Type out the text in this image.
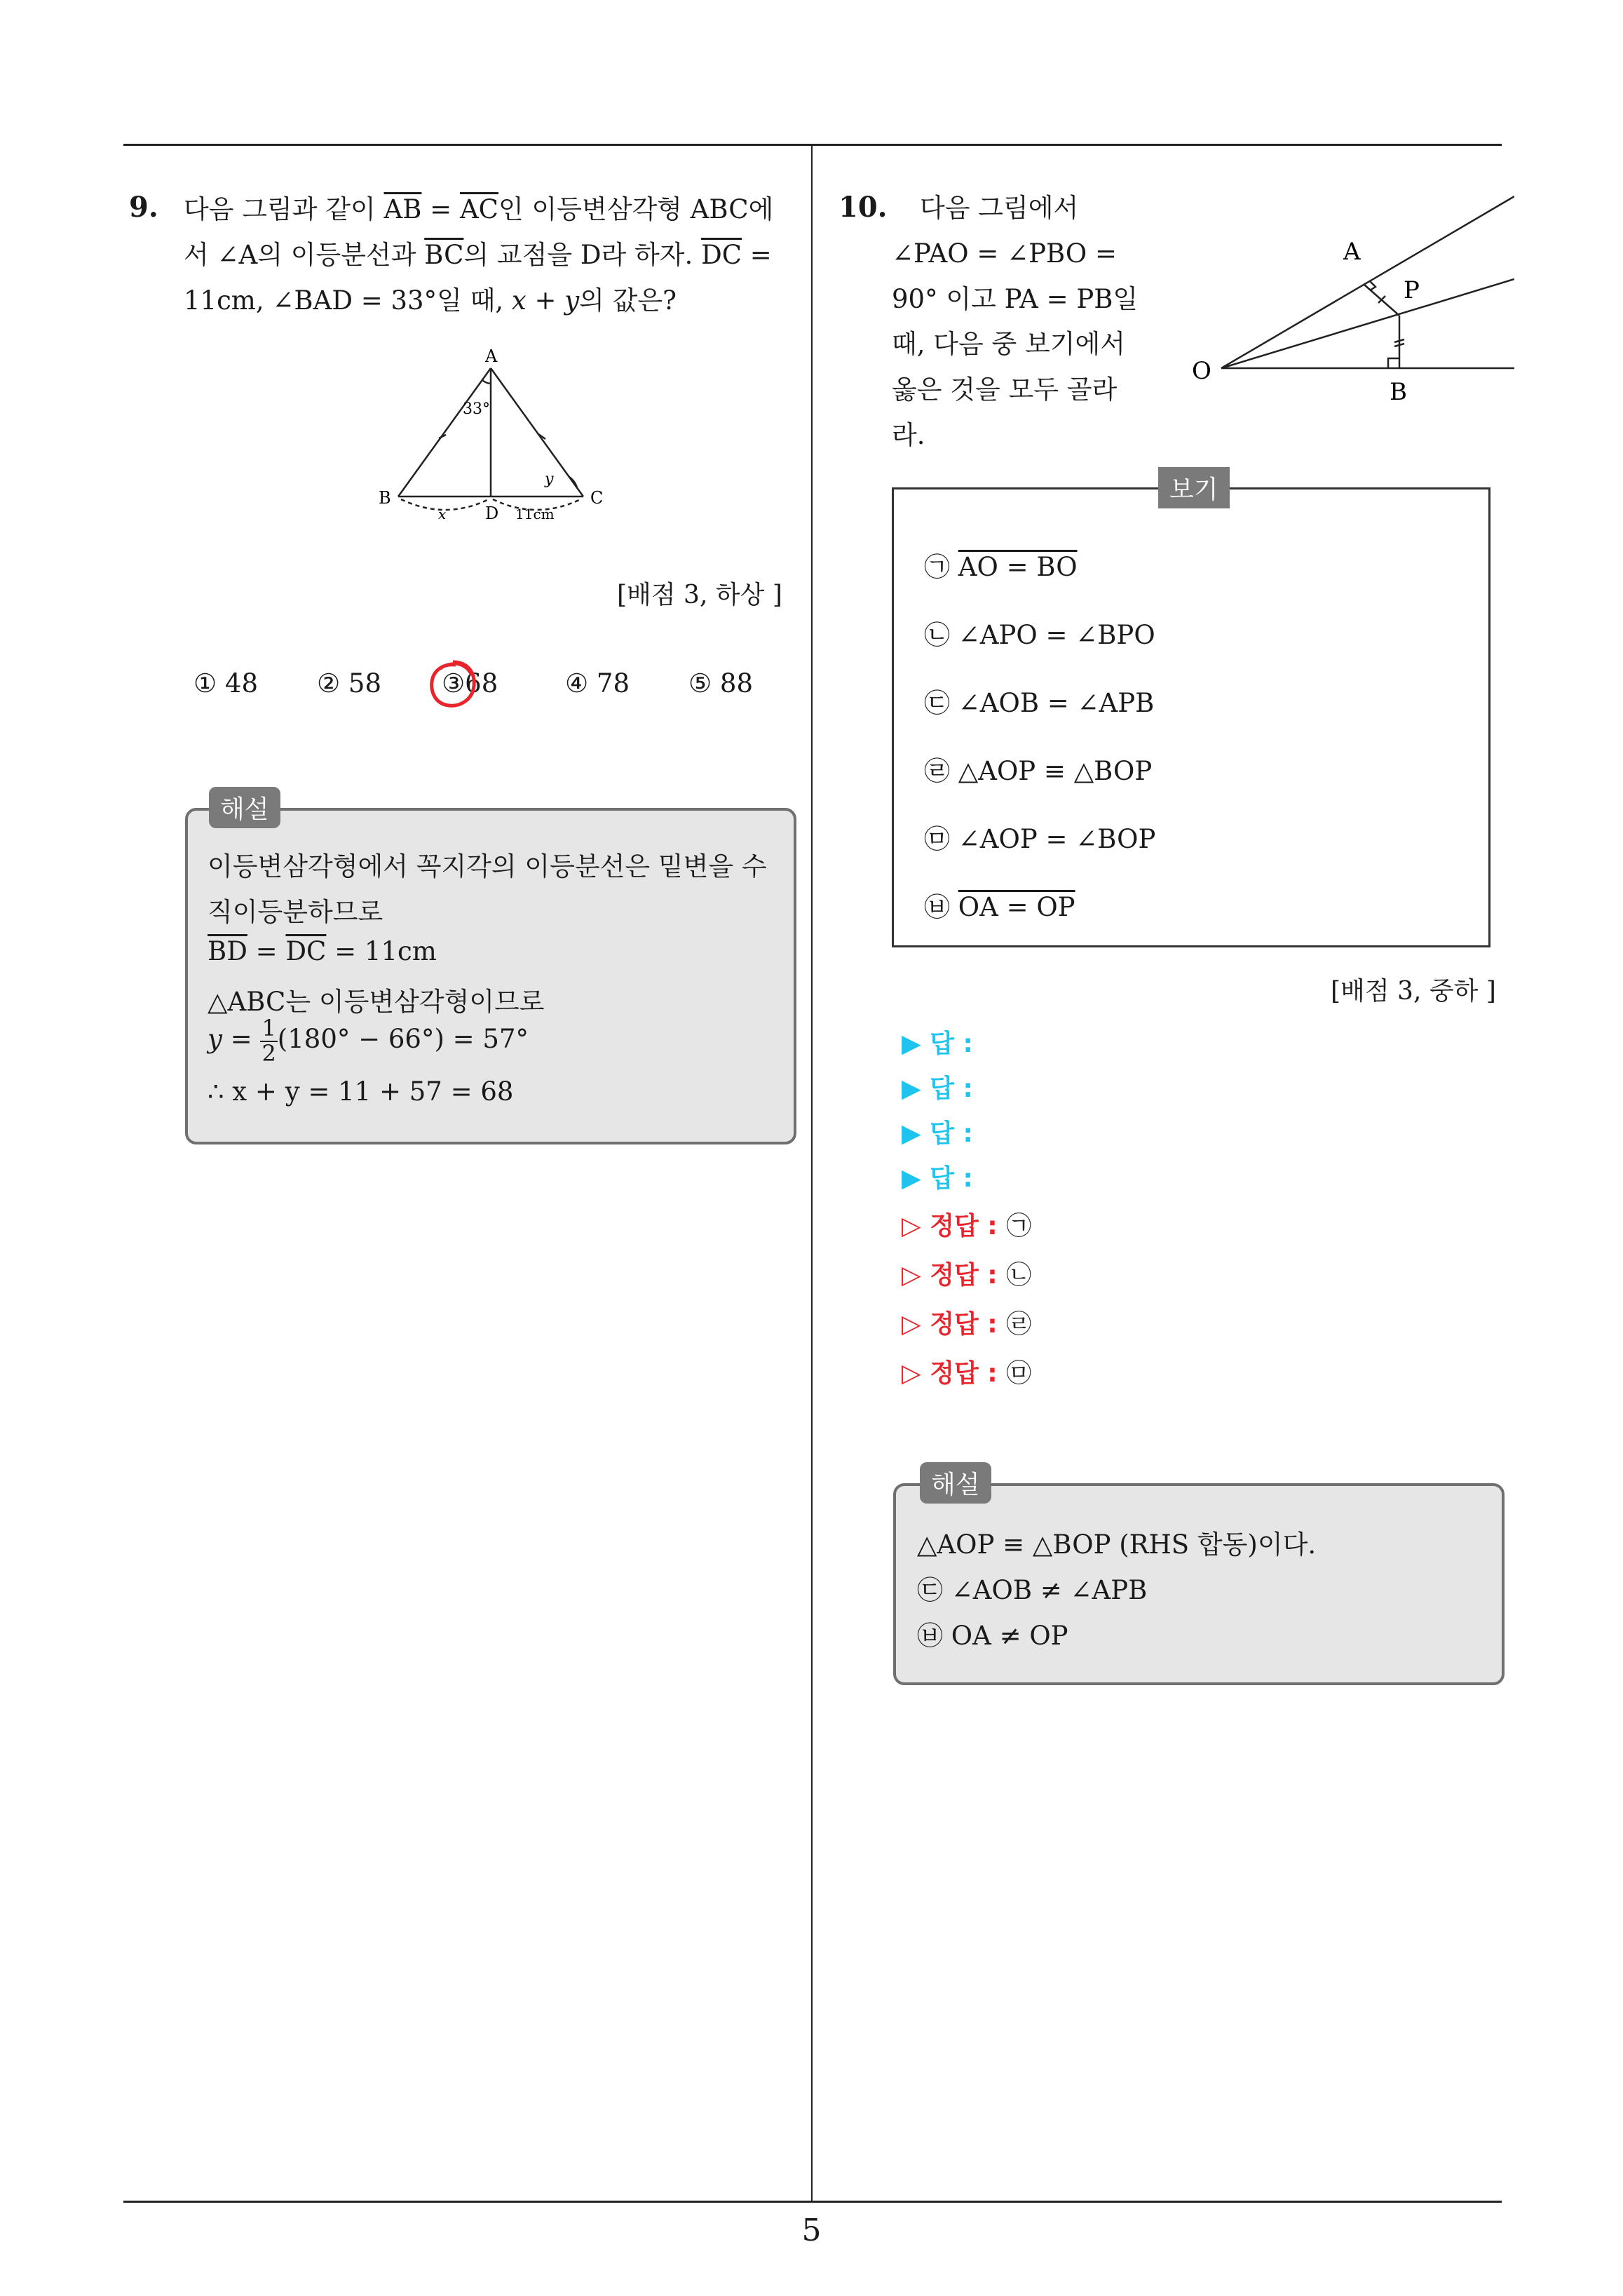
5
9. 다음 그림과 같이 $\overline{AB} = \overline{AC}$인 이등변삼각형 ABC에
서 ∠A의 이등분선과 $\overline{BC}$의 교점을 D라 하자. $\overline{DC}$ =
11cm, ∠BAD = 33°일 때, x + y의 값은?
A
B	C
D
33°
y
x	11cm
[배점 3, 하상 ]
① 48 ② 58 ③68	④ 78 ⑤ 88
해설
이등변삼각형에서 꼭지각의 이등분선은 밑변을 수
직이등분하므로
$\overline{BD} = \overline{DC} = 11cm$
△ABC는 이등변삼각형이므로
$y = \frac{1}{2} (180^\circ - 66^\circ) = 57^\circ$
∴ x + y = 11 + 57 = 68
10. 다음 그림에서
∠PAO = ∠PBO =
90° 이고 PA = PB일
때, 다음 중 보기에서
옳은 것을 모두 골라
라.
O
A
P
B
보기
㉠ AO = BO
㉡ ∠APO = ∠BPO
㉢ ∠AOB = ∠APB
㉣ △AOP ≡ △BOP
㉤ ∠AOP = ∠BOP
㉥ OA = OP
[배점 3, 중하 ]
▶ 답 :
▶ 답 :
▶ 답 :
▶ 답 :
▷ 정답 : ㉠
▷ 정답 : ㉡
▷ 정답 : ㉣
▷ 정답 : ㉤
해설
△AOP ≡ △BOP (RHS 합동)이다.
㉢ ∠AOB ≠ ∠APB
㉥ OA ≠ OP
